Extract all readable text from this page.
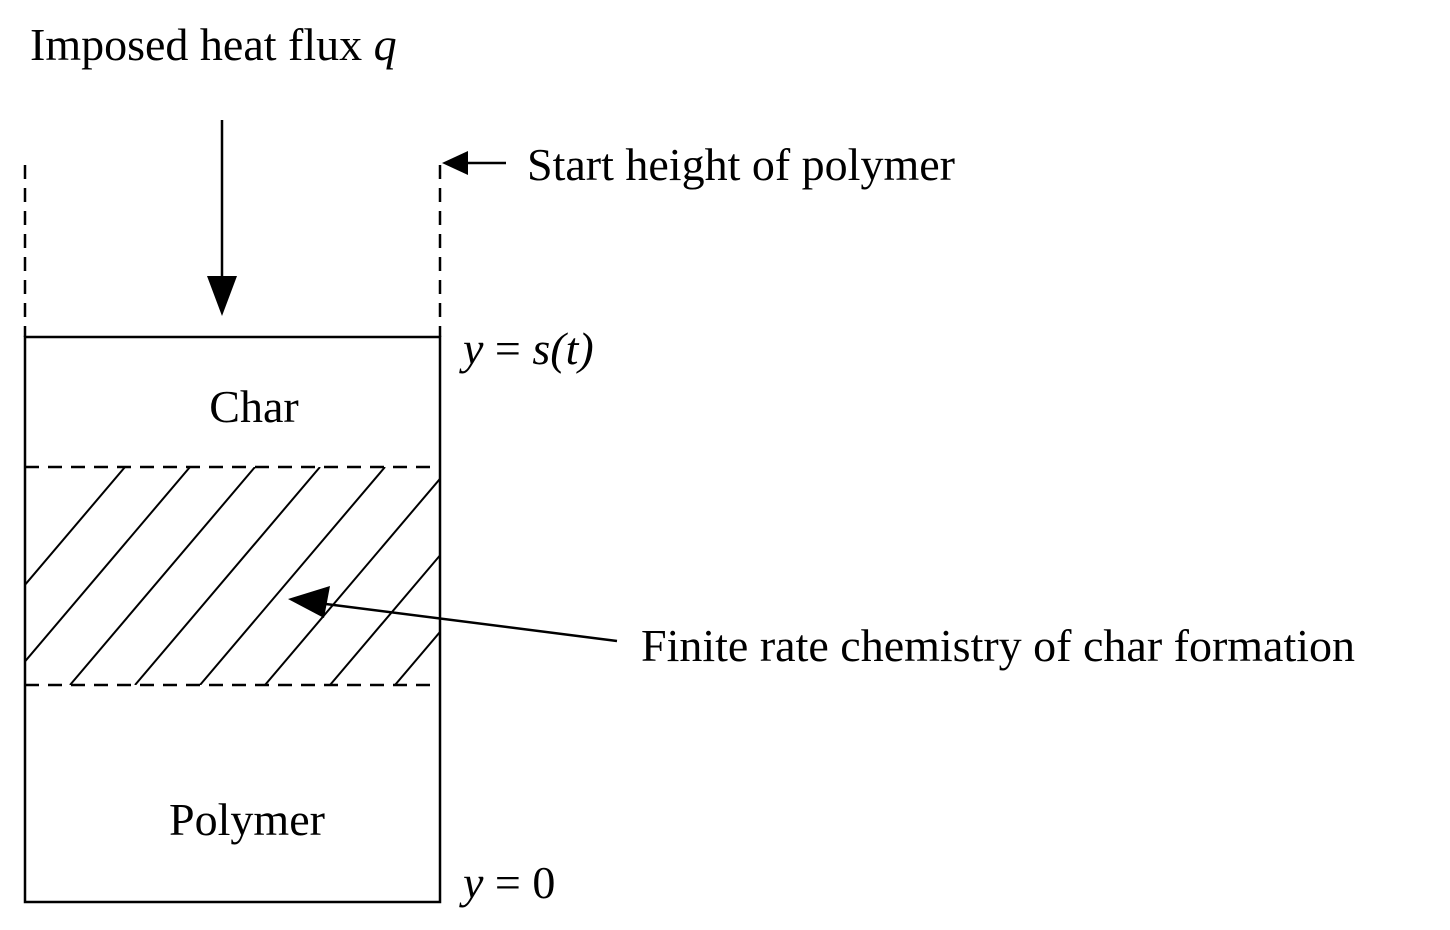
Imposed heat flux q
Start height of polymer
Char
Polymer
y = s(t)
y = 0
Finite rate chemistry of char formation
